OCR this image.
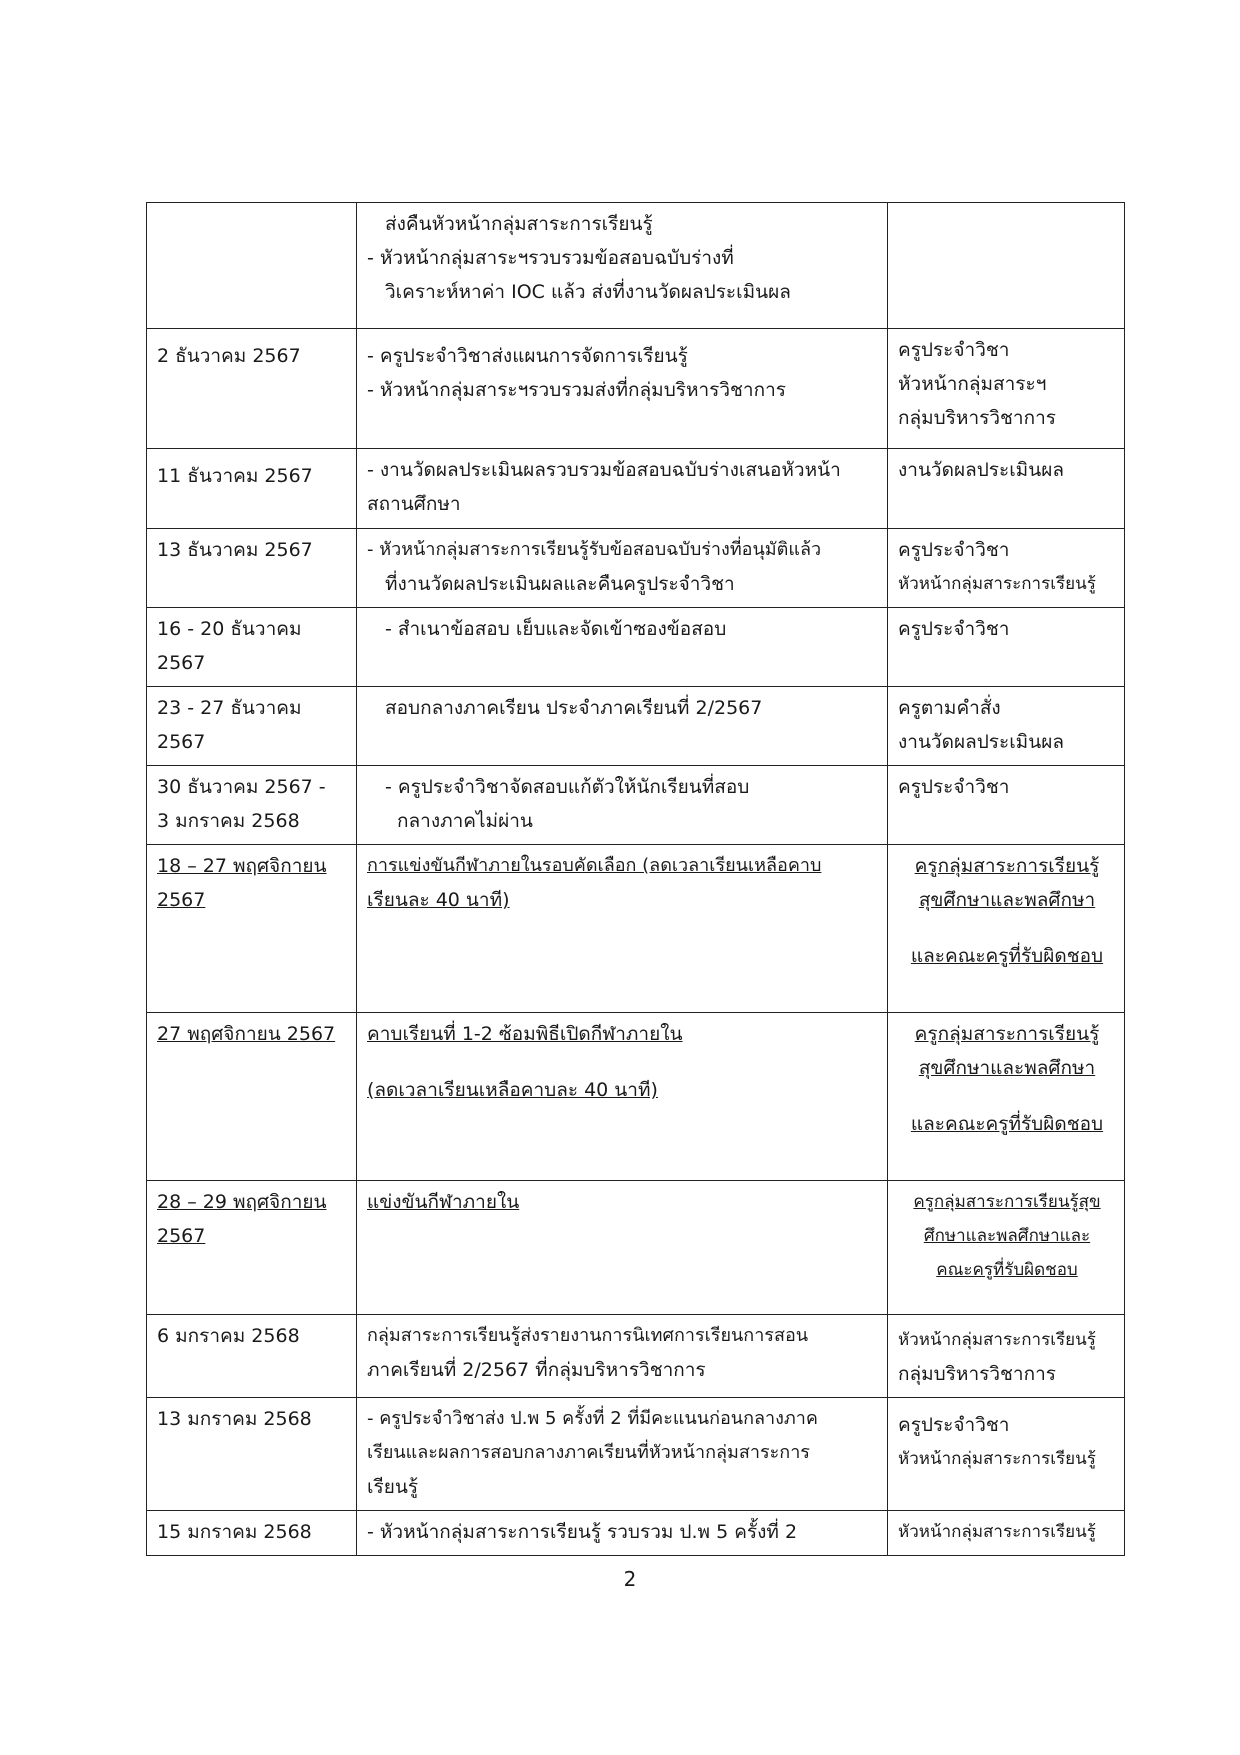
	ส่งคืนหัวหน้ากลุ่มสาระการเรียนรู้
- หัวหน้ากลุ่มสาระฯรวบรวมข้อสอบฉบับร่างที่
วิเคราะห์หาค่า IOC แล้ว ส่งที่งานวัดผลประเมินผล	

2 ธันวาคม 2567	- ครูประจำวิชาส่งแผนการจัดการเรียนรู้
- หัวหน้ากลุ่มสาระฯรวบรวมส่งที่กลุ่มบริหารวิชาการ	ครูประจำวิชา
หัวหน้ากลุ่มสาระฯ
กลุ่มบริหารวิชาการ

11 ธันวาคม 2567	- งานวัดผลประเมินผลรวบรวมข้อสอบฉบับร่างเสนอหัวหน้า
สถานศึกษา	งานวัดผลประเมินผล

13 ธันวาคม 2567	- หัวหน้ากลุ่มสาระการเรียนรู้รับข้อสอบฉบับร่างที่อนุมัติแล้ว
ที่งานวัดผลประเมินผลและคืนครูประจำวิชา	ครูประจำวิชา
หัวหน้ากลุ่มสาระการเรียนรู้

16 - 20 ธันวาคม
2567	- สำเนาข้อสอบ เย็บและจัดเข้าซองข้อสอบ	ครูประจำวิชา

23 - 27 ธันวาคม
2567	สอบกลางภาคเรียน ประจำภาคเรียนที่ 2/2567	ครูตามคำสั่ง
งานวัดผลประเมินผล

30 ธันวาคม 2567 -
3 มกราคม 2568	- ครูประจำวิชาจัดสอบแก้ตัวให้นักเรียนที่สอบ
กลางภาคไม่ผ่าน	ครูประจำวิชา

18 – 27 พฤศจิกายน
2567	การแข่งขันกีฬาภายในรอบคัดเลือก (ลดเวลาเรียนเหลือคาบ
เรียนละ 40 นาที)	ครูกลุ่มสาระการเรียนรู้
สุขศึกษาและพลศึกษา
และคณะครูที่รับผิดชอบ

27 พฤศจิกายน 2567	คาบเรียนที่ 1-2 ซ้อมพิธีเปิดกีฬาภายใน
(ลดเวลาเรียนเหลือคาบละ 40 นาที)	ครูกลุ่มสาระการเรียนรู้
สุขศึกษาและพลศึกษา
และคณะครูที่รับผิดชอบ

28 – 29 พฤศจิกายน
2567	แข่งขันกีฬาภายใน	ครูกลุ่มสาระการเรียนรู้สุข
ศึกษาและพลศึกษาและ
คณะครูที่รับผิดชอบ

6 มกราคม 2568	กลุ่มสาระการเรียนรู้ส่งรายงานการนิเทศการเรียนการสอน
ภาคเรียนที่ 2/2567 ที่กลุ่มบริหารวิชาการ	หัวหน้ากลุ่มสาระการเรียนรู้
กลุ่มบริหารวิชาการ

13 มกราคม 2568	- ครูประจำวิชาส่ง ป.พ 5 ครั้งที่ 2 ที่มีคะแนนก่อนกลางภาค
เรียนและผลการสอบกลางภาคเรียนที่หัวหน้ากลุ่มสาระการ
เรียนรู้	ครูประจำวิชา
หัวหน้ากลุ่มสาระการเรียนรู้

15 มกราคม 2568	- หัวหน้ากลุ่มสาระการเรียนรู้ รวบรวม ป.พ 5 ครั้งที่ 2	หัวหน้ากลุ่มสาระการเรียนรู้
2
